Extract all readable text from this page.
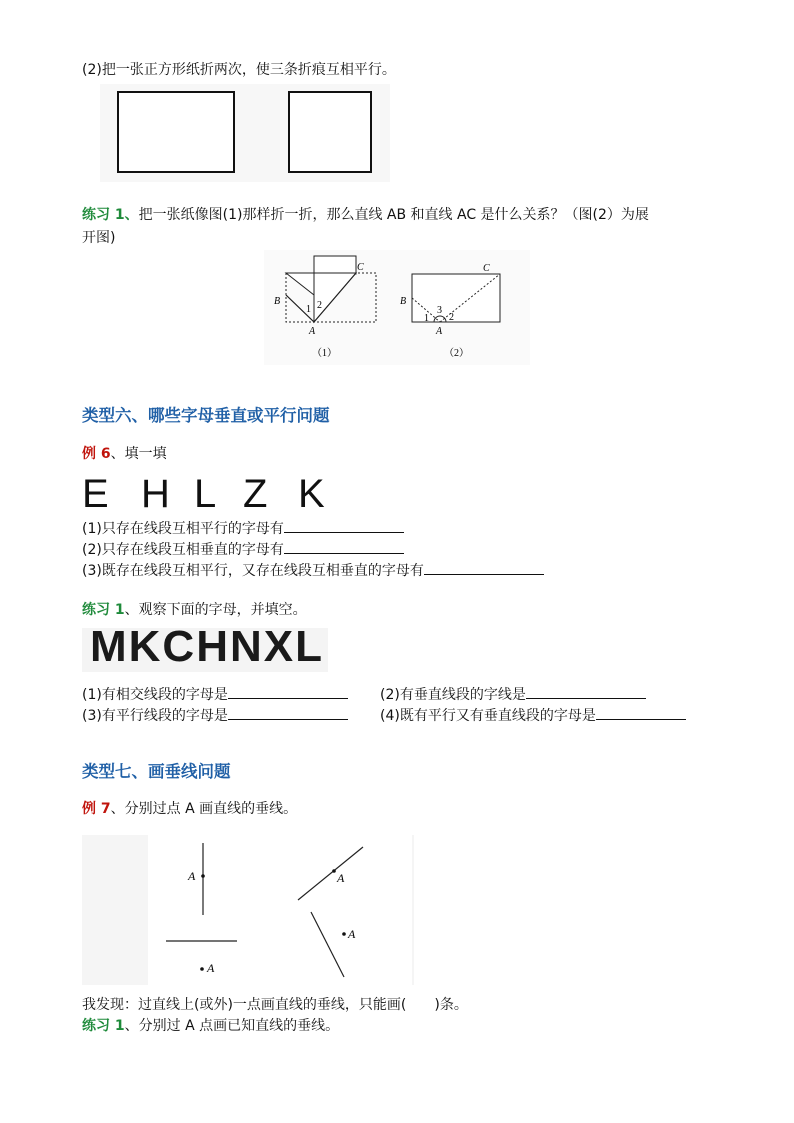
(2)把一张正方形纸折两次，使三条折痕互相平行。
练习 1、把一张纸像图(1)那样折一折，那么直线 AB 和直线 AC 是什么关系？（图(2）为展
开图)
C
B
A
1 2
（1）
C
B
A
1
3
2
（2）
类型六、哪些字母垂直或平行问题
例 6、填一填
E H L Z K
(1)只存在线段互相平行的字母有
(2)只存在线段互相垂直的字母有
(3)既存在线段互相平行，又存在线段互相垂直的字母有
练习 1、观察下面的字母，并填空。
MKCHNXL
(1)有相交线段的字母是	(2)有垂直线段的字线是
(3)有平行线段的字母是	(4)既有平行又有垂直线段的字母是
类型七、画垂线问题
例 7、分别过点 A 画直线的垂线。
A
A
A
A
我发现：过直线上(或外)一点画直线的垂线，只能画(　　)条。
练习 1、分别过 A 点画已知直线的垂线。
